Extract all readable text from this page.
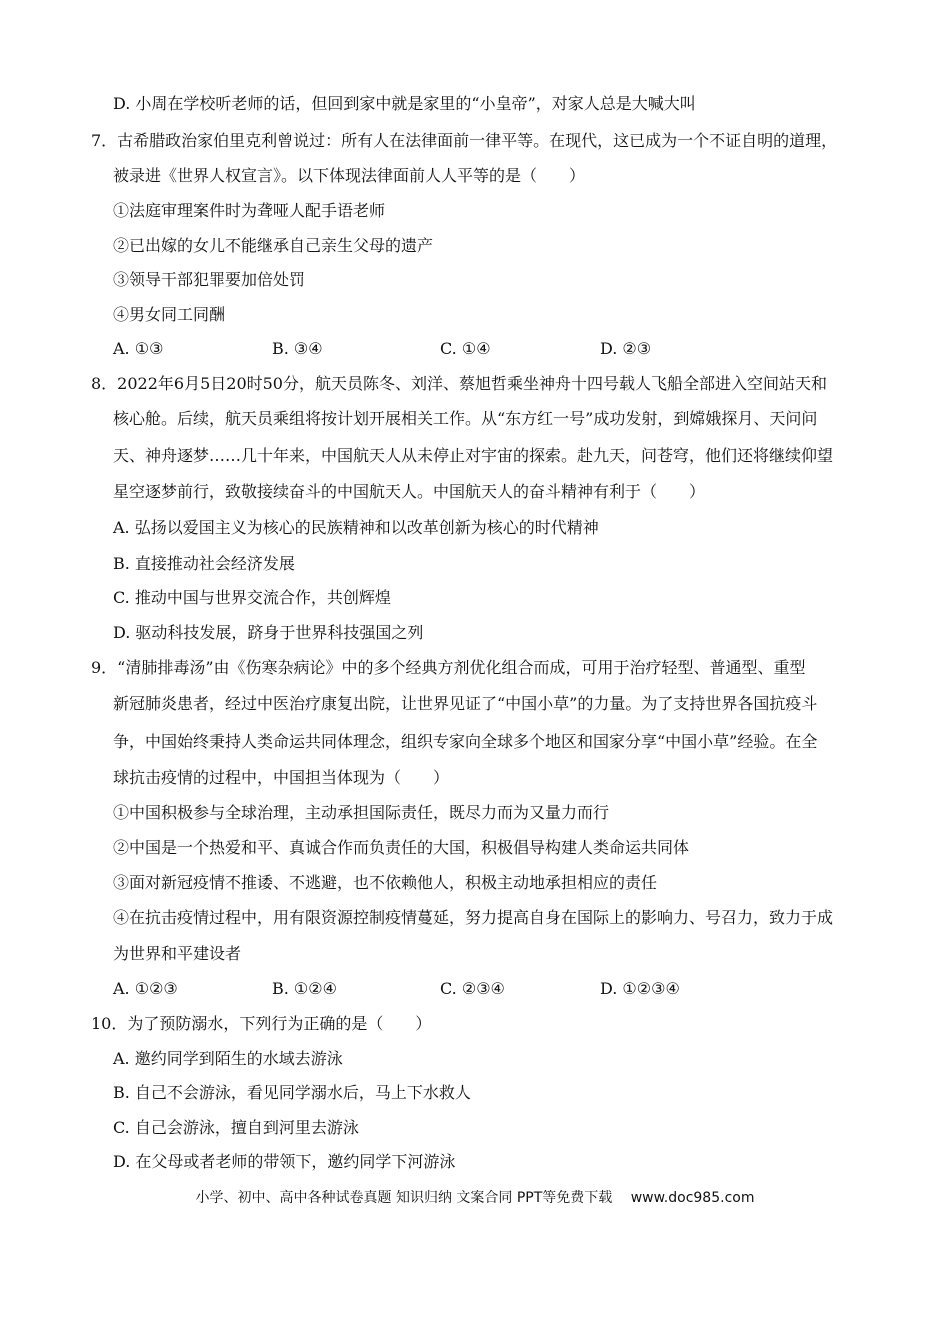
D. 小周在学校听老师的话，但回到家中就是家里的“小皇帝”，对家人总是大喊大叫
7．古希腊政治家伯里克利曾说过：所有人在法律面前一律平等。在现代，这已成为一个不证自明的道理，
被录进《世界人权宣言》。以下体现法律面前人人平等的是（　　）
①法庭审理案件时为聋哑人配手语老师
②已出嫁的女儿不能继承自己亲生父母的遗产
③领导干部犯罪要加倍处罚
④男女同工同酬
A. ①③	B. ③④	C. ①④	D. ②③
8．2022年6月5日20时50分，航天员陈冬、刘洋、蔡旭哲乘坐神舟十四号载人飞船全部进入空间站天和
核心舱。后续，航天员乘组将按计划开展相关工作。从“东方红一号”成功发射，到嫦娥探月、天问问
天、神舟逐梦……几十年来，中国航天人从未停止对宇宙的探索。赴九天，问苍穹，他们还将继续仰望
星空逐梦前行，致敬接续奋斗的中国航天人。中国航天人的奋斗精神有利于（　　）
A. 弘扬以爱国主义为核心的民族精神和以改革创新为核心的时代精神
B. 直接推动社会经济发展
C. 推动中国与世界交流合作，共创辉煌
D. 驱动科技发展，跻身于世界科技强国之列
9．“清肺排毒汤”由《伤寒杂病论》中的多个经典方剂优化组合而成，可用于治疗轻型、普通型、重型
新冠肺炎患者，经过中医治疗康复出院，让世界见证了“中国小草”的力量。为了支持世界各国抗疫斗
争，中国始终秉持人类命运共同体理念，组织专家向全球多个地区和国家分享“中国小草”经验。在全
球抗击疫情的过程中，中国担当体现为（　　）
①中国积极参与全球治理，主动承担国际责任，既尽力而为又量力而行
②中国是一个热爱和平、真诚合作而负责任的大国，积极倡导构建人类命运共同体
③面对新冠疫情不推诿、不逃避，也不依赖他人，积极主动地承担相应的责任
④在抗击疫情过程中，用有限资源控制疫情蔓延，努力提高自身在国际上的影响力、号召力，致力于成
为世界和平建设者
A. ①②③	B. ①②④	C. ②③④	D. ①②③④
10．为了预防溺水，下列行为正确的是（　　）
A. 邀约同学到陌生的水域去游泳
B. 自己不会游泳，看见同学溺水后，马上下水救人
C. 自己会游泳，擅自到河里去游泳
D. 在父母或者老师的带领下，邀约同学下河游泳
小学、初中、高中各种试卷真题 知识归纳 文案合同 PPT等免费下载　 www.doc985.com
